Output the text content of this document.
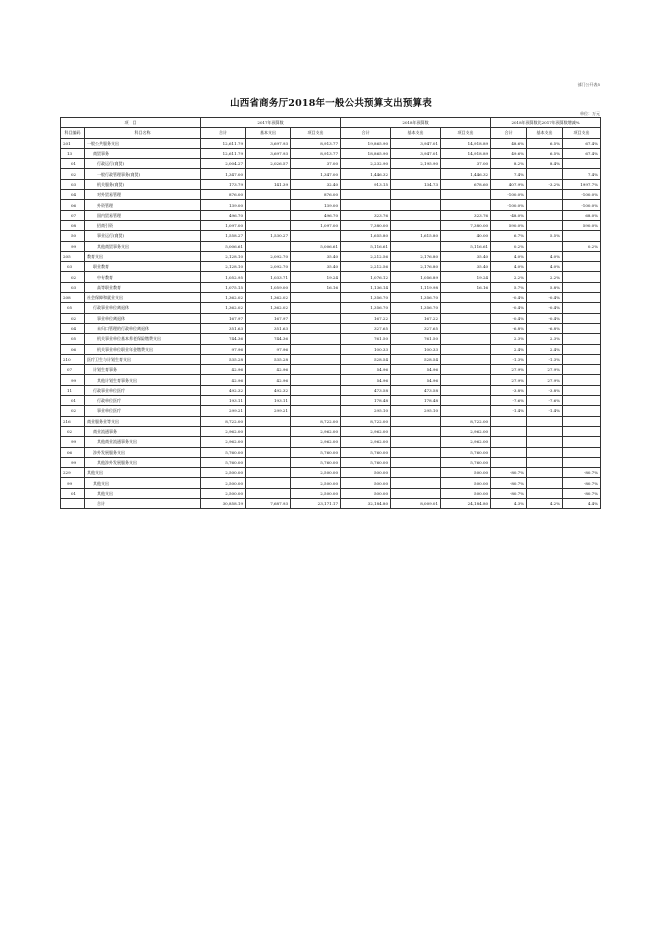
部门公开表5
山西省商务厅2018年一般公共预算支出预算表
单位：万元
项　目		2017年预算数			2018年预算数			2018年预算数比2017年预算数增减%		
科目编码	科目名称	合计	基本支出	项目支出	合计	基本支出	项目支出	合计	基本支出	项目支出
201	一般公共服务支出	12,611.79	3,697.93	8,913.77	19,865.90	3,947.01	14,918.89	48.6%	6.5%	67.4%
13	商贸事务	12,611.79	3,697.93	8,913.77	18,865.90	3,947.01	14,918.89	49.6%	6.5%	67.4%
01	行政运行(商贸)	2,004.27	2,026.57	37.00	2,232.90	2,195.90	37.00	8.2%	8.4%	
02	一般行政管理事务(商贸)	1,347.00		1,347.00	1,446.32		1,446.32	7.4%		7.4%
03	机关服务(商贸)	173.79	141.39	32.40	913.15	134.73	678.60	407.9%	-3.2%	1997.7%
04	对外贸易管理	876.00		876.00				-100.0%		-100.0%
06	外资管理	139.00		139.00				-100.0%		-100.0%
07	国内贸易管理	496.70		496.70	323.76		323.76	-48.0%		68.0%
08	招商引资	1,097.00		1,097.00	7,380.00		7,380.00	590.0%		590.0%
50	事业运行(商贸)	1,558.27	1,530.27		1,655.80	1,615.80	40.00	6.7%	5.5%	
99	其他商贸事务支出	5,006.61		5,006.61	5,116.61		5,116.61	0.2%		0.2%
205	教育支出	2,128.10	2,092.70	35.40	2,212.56	2,176.80	35.40	4.0%	4.0%	
03	职业教育	2,128.10	2,092.70	35.40	2,212.56	2,176.80	35.40	4.0%	4.0%	
02	中专教育	1,052.95	1,033.71	19.24	1,076.12	1,056.89	19.24	2.2%	2.2%	
03	高等职业教育	1,075.15	1,059.00	16.16	1,136.14	1,119.98	16.16	5.7%	5.8%	
208	社会保障和就业支出	1,362.02	1,362.02		1,356.70	1,356.70		-0.4%	-0.4%	
05	行政事业单位离退休	1,362.02	1,362.02		1,356.70	1,356.70		-0.4%	-0.4%	
02	事业单位离退休	167.97	167.97		167.22	167.22		-0.4%	-0.4%	
04	未归口管理的行政单位离退休	351.63	351.63		327.65	327.65		-6.8%	-6.8%	
05	机关事业单位基本养老保险缴费支出	744.36	744.36		761.50	761.50		2.3%	2.3%	
06	机关事业单位职业年金缴费支出	97.96	97.96		100.33	100.33		2.4%	2.4%	
210	医疗卫生与计划生育支出	535.28	535.28		528.54	528.54		-1.3%	-1.3%	
07	计划生育事务	42.96	42.96		54.96	54.96		27.9%	27.9%	
99	其他计划生育事务支出	42.96	42.96		54.96	54.96		27.9%	27.9%	
11	行政事业单位医疗	492.32	492.32		473.58	473.58		-3.8%	-3.8%	
01	行政单位医疗	193.11	193.11		178.48	178.48		-7.6%	-7.6%	
02	事业单位医疗	299.21	299.21		295.10	295.10		-1.4%	-1.4%	
216	商业服务业等支出	8,722.00		8,722.00	8,722.00		8,722.00			
02	商业流通事务	2,962.00		2,962.00	2,962.00		2,962.00			
99	其他商业流通事务支出	2,962.00		2,962.00	2,962.00		2,962.00			
06	涉外发展服务支出	5,760.00		5,760.00	5,760.00		5,760.00			
99	其他涉外发展服务支出	5,760.00		5,760.00	5,760.00		5,760.00			
229	其他支出	2,500.00		2,500.00	500.00		500.00	-80.7%		-80.7%
99	其他支出	2,500.00		2,500.00	500.00		500.00	-80.7%		-80.7%
01	其他支出	2,500.00		2,500.00	500.00		500.00	-80.7%		-80.7%
	合计	30,858.19	7,687.93	23,171.17	32,184.80	8,009.01	24,184.80	4.3%	4.2%	4.4%
